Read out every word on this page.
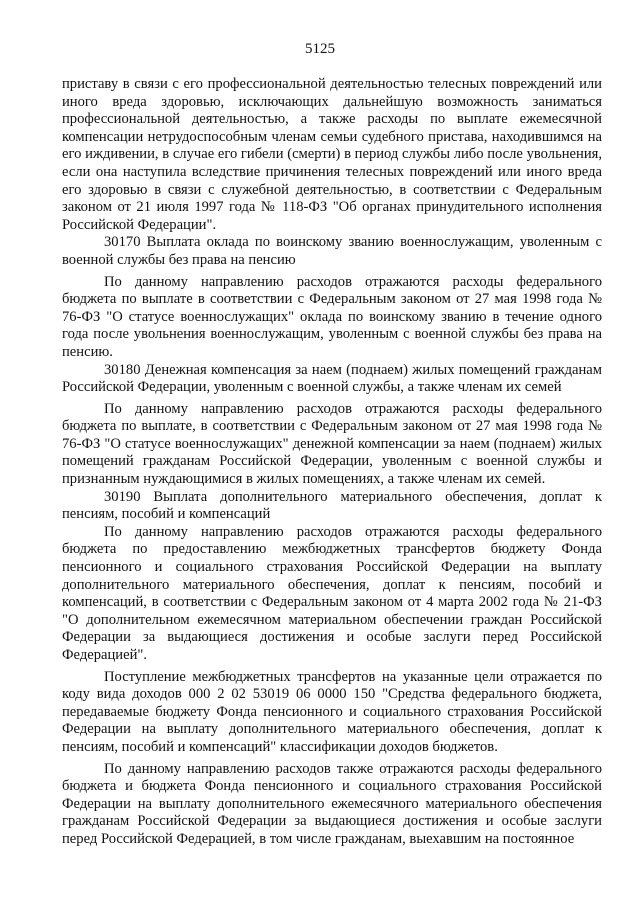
5125

приставу в связи с его профессиональной деятельностью телесных повреждений или иного вреда здоровью, исключающих дальнейшую возможность заниматься профессиональной деятельностью, а также расходы по выплате ежемесячной компенсации нетрудоспособным членам семьи судебного пристава, находившимся на его иждивении, в случае его гибели (смерти) в период службы либо после увольнения, если она наступила вследствие причинения телесных повреждений или иного вреда его здоровью в связи с служебной деятельностью, в соответствии с Федеральным законом от 21 июля 1997 года № 118-ФЗ "Об органах принудительного исполнения Российской Федерации".

30170 Выплата оклада по воинскому званию военнослужащим, уволенным с военной службы без права на пенсию

По данному направлению расходов отражаются расходы федерального бюджета по выплате в соответствии с Федеральным законом от 27 мая 1998 года № 76-ФЗ "О статусе военнослужащих" оклада по воинскому званию в течение одного года после увольнения военнослужащим, уволенным с военной службы без права на пенсию.

30180 Денежная компенсация за наем (поднаем) жилых помещений гражданам Российской Федерации, уволенным с военной службы, а также членам их семей

По данному направлению расходов отражаются расходы федерального бюджета по выплате, в соответствии с Федеральным законом от 27 мая 1998 года № 76-ФЗ "О статусе военнослужащих" денежной компенсации за наем (поднаем) жилых помещений гражданам Российской Федерации, уволенным с военной службы и признанным нуждающимися в жилых помещениях, а также членам их семей.

30190 Выплата дополнительного материального обеспечения, доплат к пенсиям, пособий и компенсаций

По данному направлению расходов отражаются расходы федерального бюджета по предоставлению межбюджетных трансфертов бюджету Фонда пенсионного и социального страхования Российской Федерации на выплату дополнительного материального обеспечения, доплат к пенсиям, пособий и компенсаций, в соответствии с Федеральным законом от 4 марта 2002 года № 21-ФЗ "О дополнительном ежемесячном материальном обеспечении граждан Российской Федерации за выдающиеся достижения и особые заслуги перед Российской Федерацией".

Поступление межбюджетных трансфертов на указанные цели отражается по коду вида доходов 000 2 02 53019 06 0000 150 "Средства федерального бюджета, передаваемые бюджету Фонда пенсионного и социального страхования Российской Федерации на выплату дополнительного материального обеспечения, доплат к пенсиям, пособий и компенсаций" классификации доходов бюджетов.

По данному направлению расходов также отражаются расходы федерального бюджета и бюджета Фонда пенсионного и социального страхования Российской Федерации на выплату дополнительного ежемесячного материального обеспечения гражданам Российской Федерации за выдающиеся достижения и особые заслуги перед Российской Федерацией, в том числе гражданам, выехавшим на постоянное
